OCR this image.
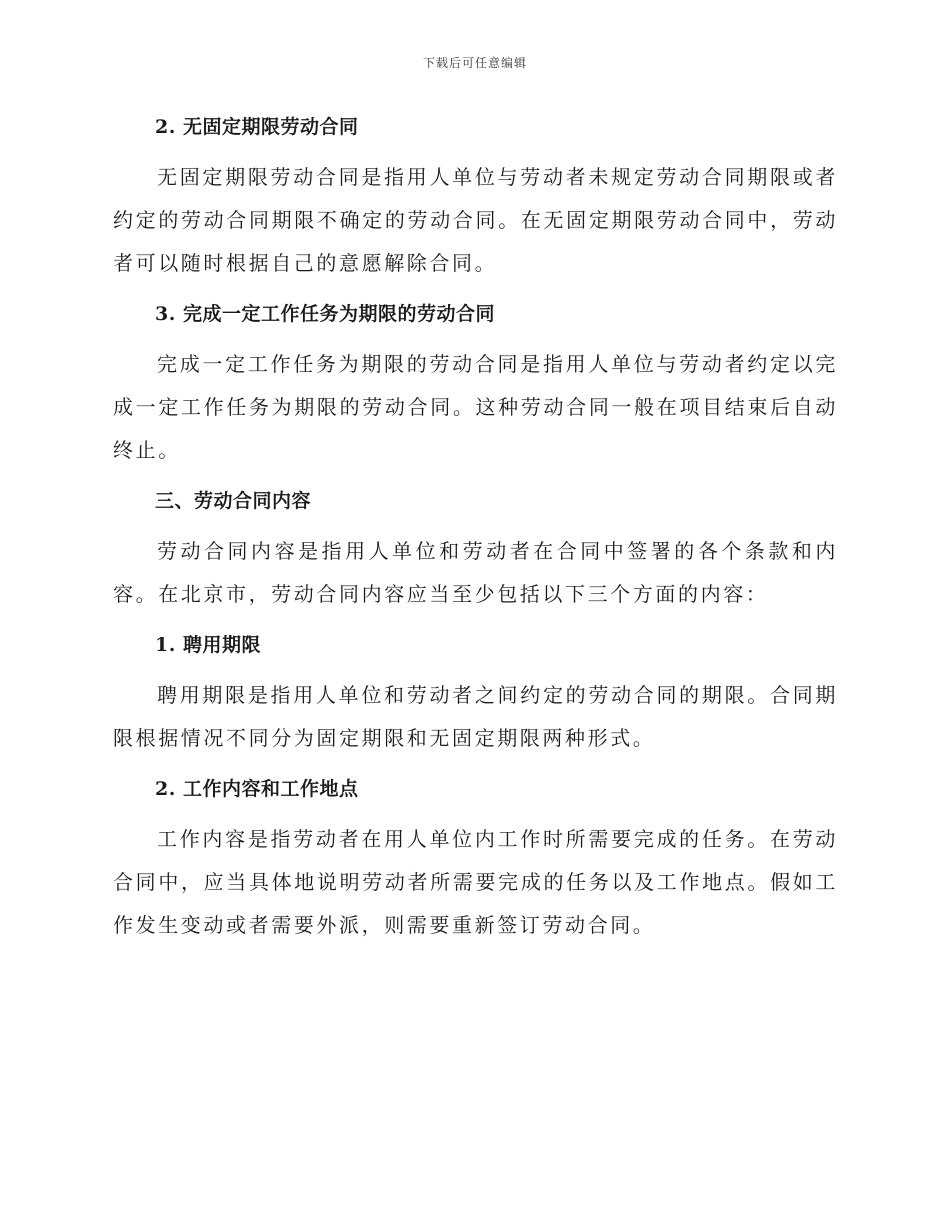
下载后可任意编辑
2. 无固定期限劳动合同

无固定期限劳动合同是指用人单位与劳动者未规定劳动合同期限或者约定的劳动合同期限不确定的劳动合同。在无固定期限劳动合同中，劳动者可以随时根据自己的意愿解除合同。

3. 完成一定工作任务为期限的劳动合同

完成一定工作任务为期限的劳动合同是指用人单位与劳动者约定以完成一定工作任务为期限的劳动合同。这种劳动合同一般在项目结束后自动终止。

三、劳动合同内容

劳动合同内容是指用人单位和劳动者在合同中签署的各个条款和内容。在北京市，劳动合同内容应当至少包括以下三个方面的内容：

1. 聘用期限

聘用期限是指用人单位和劳动者之间约定的劳动合同的期限。合同期限根据情况不同分为固定期限和无固定期限两种形式。

2. 工作内容和工作地点

工作内容是指劳动者在用人单位内工作时所需要完成的任务。在劳动合同中，应当具体地说明劳动者所需要完成的任务以及工作地点。假如工作发生变动或者需要外派，则需要重新签订劳动合同。
